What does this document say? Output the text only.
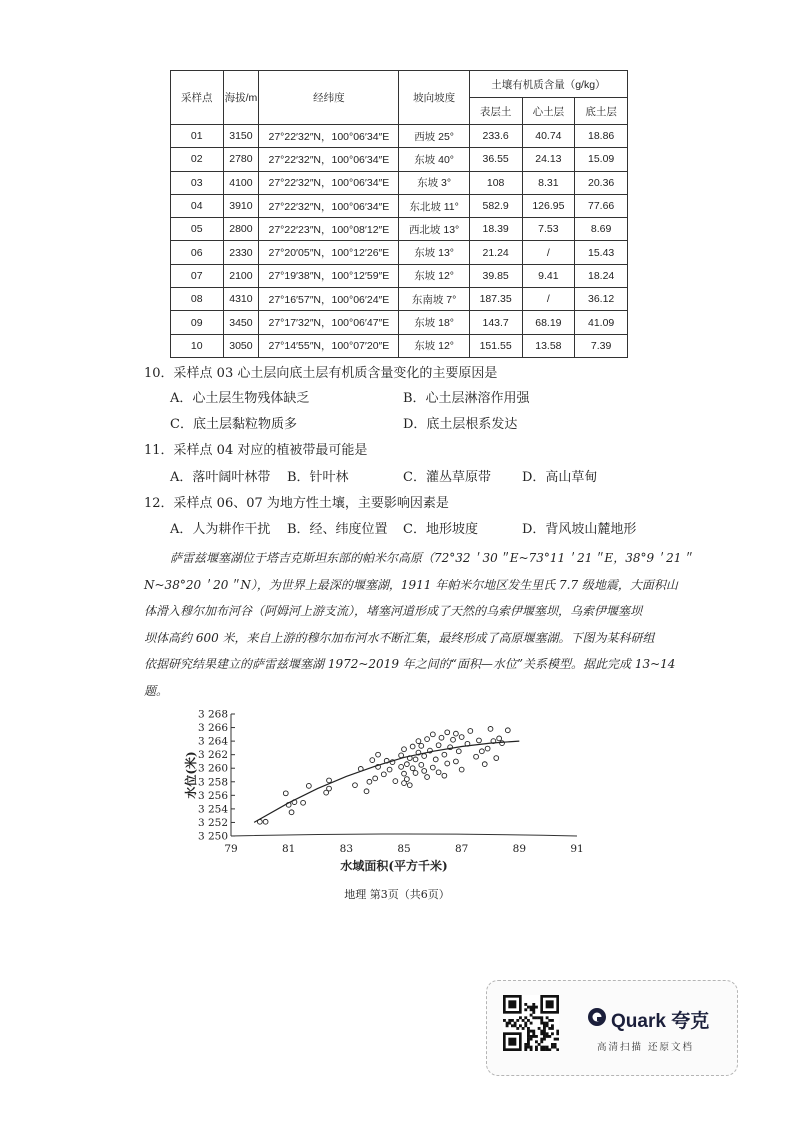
采样点	海拔/m	经纬度	坡向坡度	土壤有机质含量（g/kg）		
				表层土	心土层	底土层
01	3150	27°22′32″N，100°06′34″E	西坡 25°	233.6	40.74	18.86
02	2780	27°22′32″N，100°06′34″E	东坡 40°	36.55	24.13	15.09
03	4100	27°22′32″N，100°06′34″E	东坡 3°	108	8.31	20.36
04	3910	27°22′32″N，100°06′34″E	东北坡 11°	582.9	126.95	77.66
05	2800	27°22′23″N，100°08′12″E	西北坡 13°	18.39	7.53	8.69
06	2330	27°20′05″N，100°12′26″E	东坡 13°	21.24	/	15.43
07	2100	27°19′38″N，100°12′59″E	东坡 12°	39.85	9.41	18.24
08	4310	27°16′57″N，100°06′24″E	东南坡 7°	187.35	/	36.12
09	3450	27°17′32″N，100°06′47″E	东坡 18°	143.7	68.19	41.09
10	3050	27°14′55″N，100°07′20″E	东坡 12°	151.55	13.58	7.39
10．采样点 03 心土层向底土层有机质含量变化的主要原因是
A．心土层生物残体缺乏	B．心土层淋溶作用强
C．底土层黏粒物质多	D．底土层根系发达
11．采样点 04 对应的植被带最可能是
A．落叶阔叶林带 B．针叶林	C．灌丛草原带 D．高山草甸
12．采样点 06、07 为地方性土壤，主要影响因素是
A．人为耕作干扰 B．经、纬度位置 C．地形坡度	D．背风坡山麓地形
萨雷兹堰塞湖位于塔吉克斯坦东部的帕米尔高原（72°32＇30＂E~73°11＇21＂E，38°9＇21＂
N~38°20＇20＂N），为世界上最深的堰塞湖，1911 年帕米尔地区发生里氏 7.7 级地震，大面积山
体滑入穆尔加布河谷（阿姆河上游支流），堵塞河道形成了天然的乌索伊堰塞坝，乌索伊堰塞坝
坝体高约 600 米，来自上游的穆尔加布河水不断汇集，最终形成了高原堰塞湖。下图为某科研组
依据研究结果建立的萨雷兹堰塞湖 1972~2019 年之间的“面积—水位”关系模型。据此完成 13~14
题。
3 250
3 252
3 254
3 256
3 258
3 260
3 262
3 264
3 266
3 268
79	81	83	85	87	89	91
水域面积(平方千米)
水位(米)
地理 第3页（共6页）
Quark 夸克
高清扫描 还原文档
